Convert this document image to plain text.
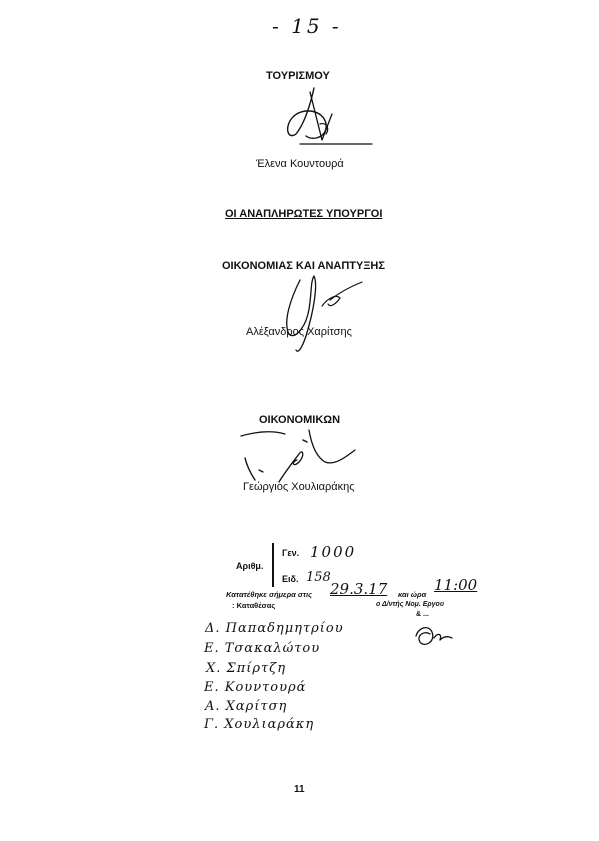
- 15 -
ΤΟΥΡΙΣΜΟΥ
Έλενα Κουντουρά
ΟΙ ΑΝΑΠΛΗΡΩΤΕΣ ΥΠΟΥΡΓΟΙ
ΟΙΚΟΝΟΜΙΑΣ ΚΑΙ ΑΝΑΠΤΥΞΗΣ
Αλέξανδρος Χαρίτσης
ΟΙΚΟΝΟΜΙΚΩΝ
Γεώργιος Χουλιαράκης
Αριθμ.
Γεν. 1000
Ειδ. 158
Κατατέθηκε σήμερα στις 29.3.17 και ώρα
11:00
: Καταθέσας	ο Δ/ντής Νομ. Εργου
& ...
Δ. Παπαδημητρίου
Ε. Τσακαλώτου
Χ. Σπίρτζη
Ε. Κουντουρά
Α. Χαρίτση
Γ. Χουλιαράκη
11
